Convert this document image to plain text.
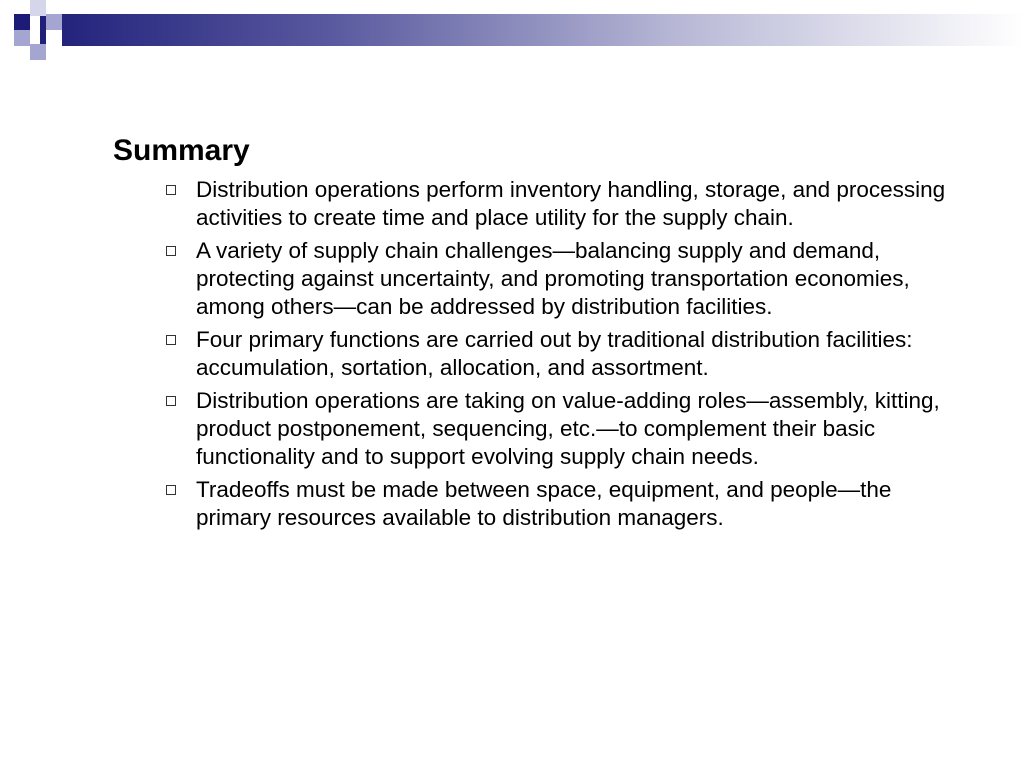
Summary
Distribution operations perform inventory handling, storage, and processing activities to create time and place utility for the supply chain.
A variety of supply chain challenges—balancing supply and demand, protecting against uncertainty, and promoting transportation economies, among others—can be addressed by distribution facilities.
Four primary functions are carried out by traditional distribution facilities: accumulation, sortation, allocation, and assortment.
Distribution operations are taking on value-adding roles—assembly, kitting, product postponement, sequencing, etc.—to complement their basic functionality and to support evolving supply chain needs.
Tradeoffs must be made between space, equipment, and people—the primary resources available to distribution managers.
